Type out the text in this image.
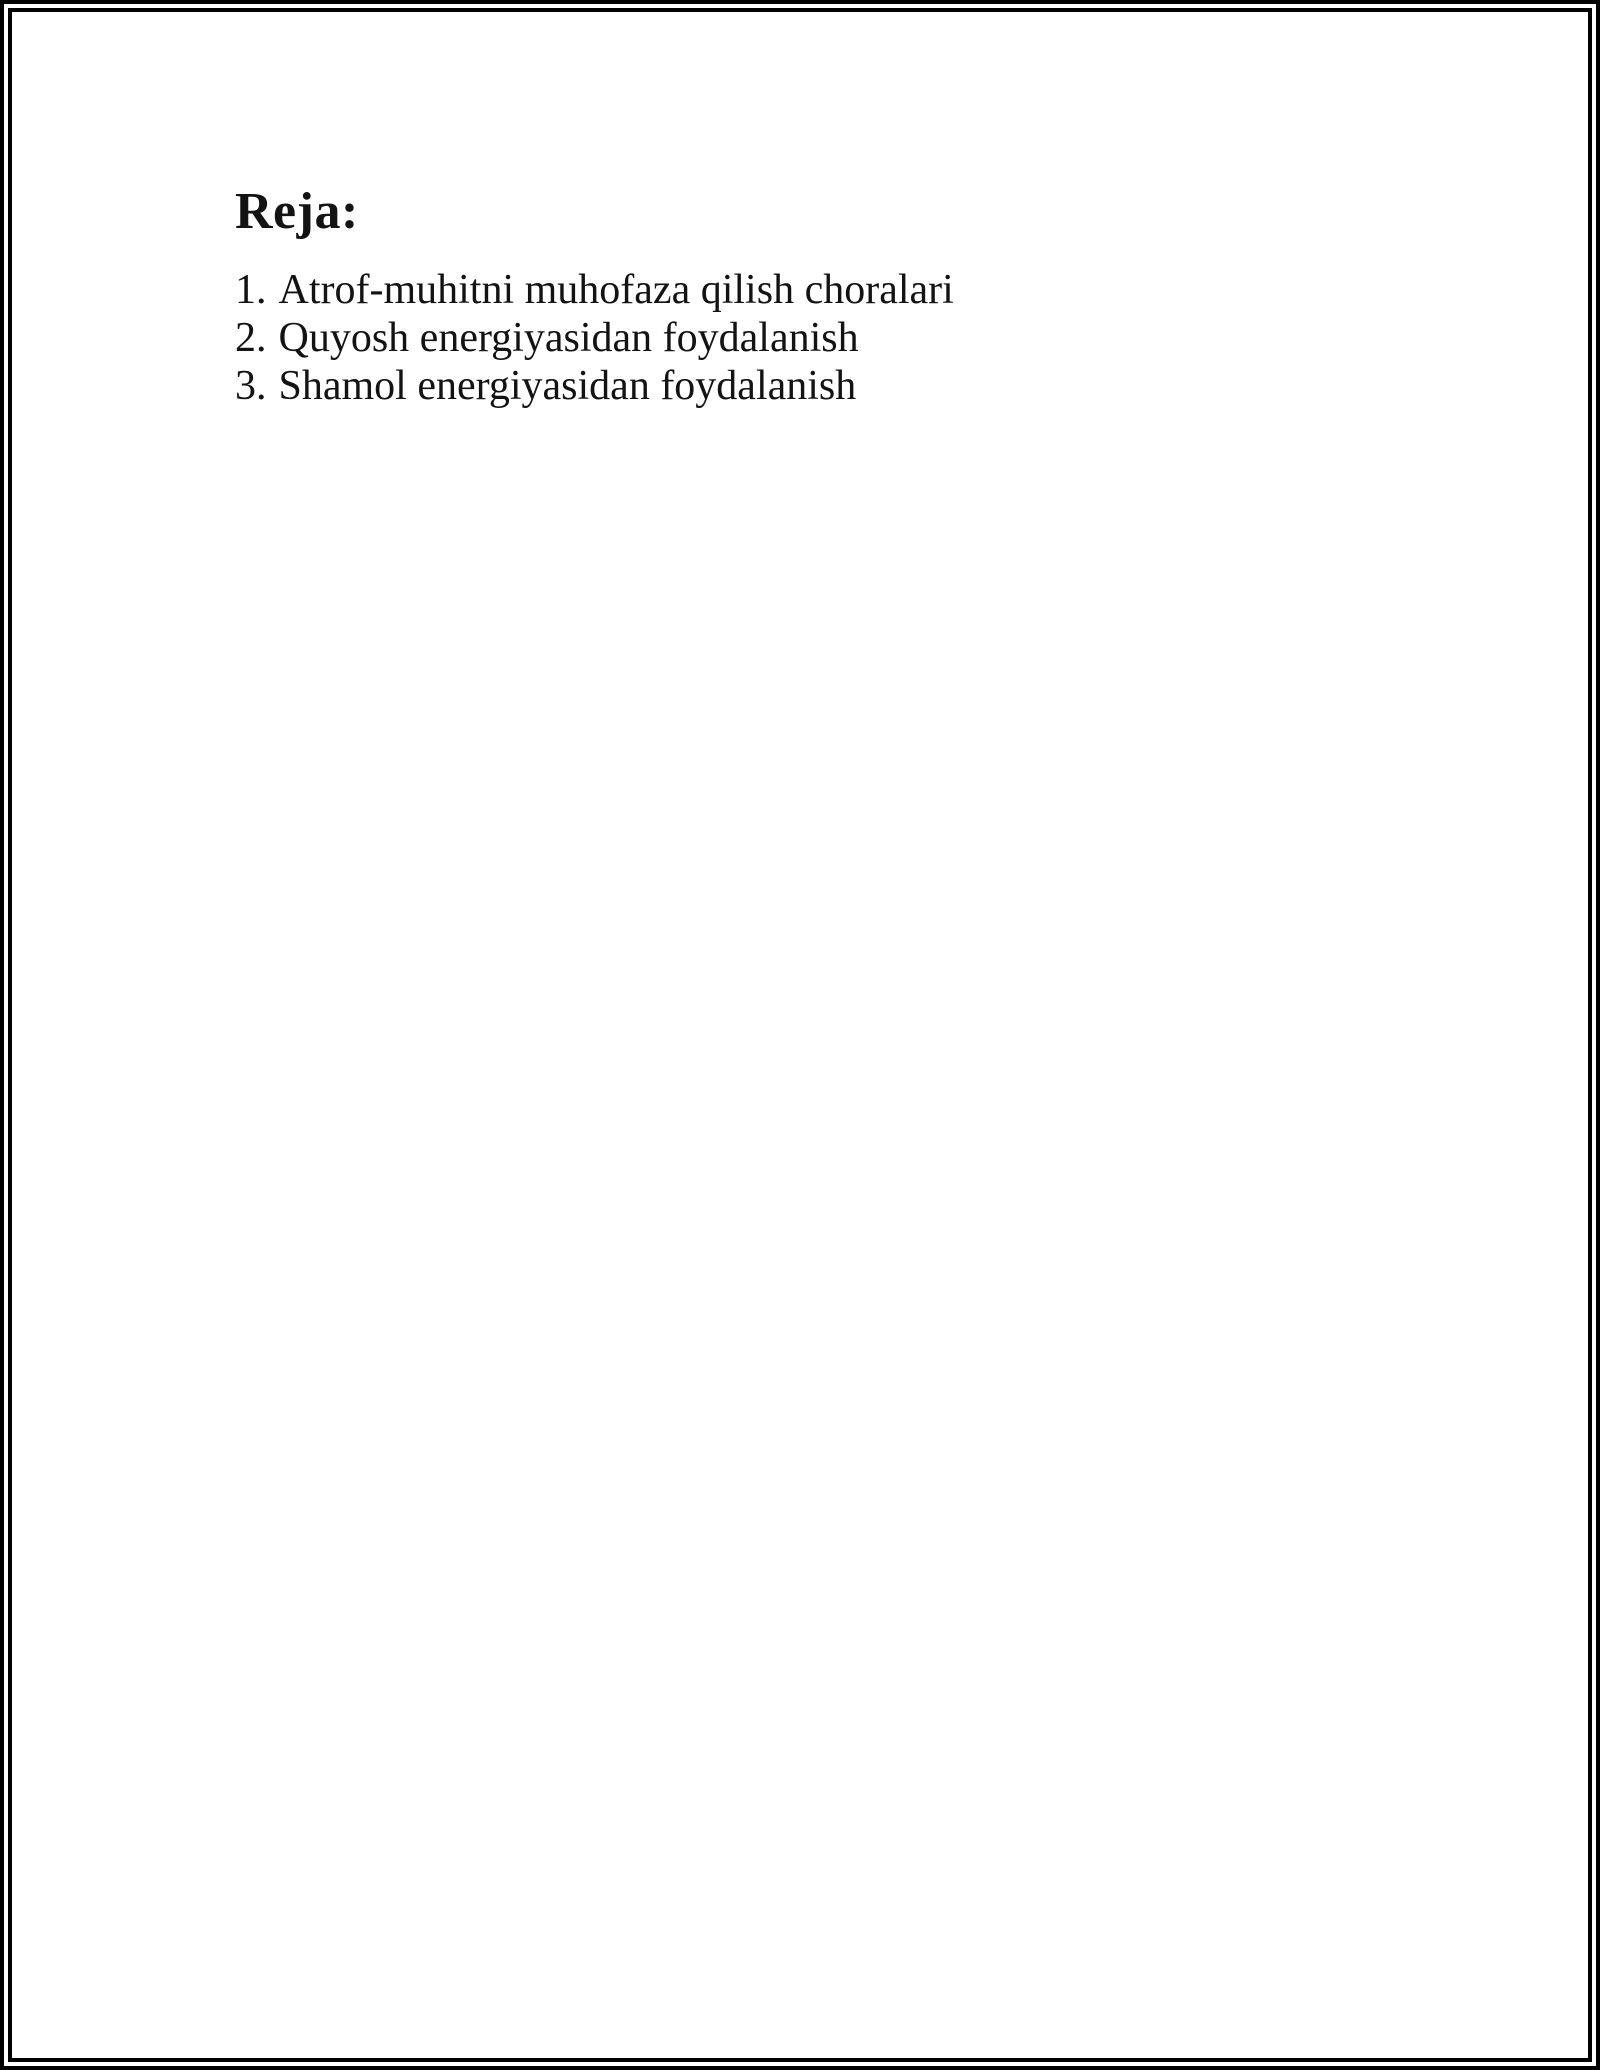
Reja:
1. Atrof-muhitni muhofaza qilish choralari
2. Quyosh energiyasidan foydalanish
3. Shamol energiyasidan foydalanish
